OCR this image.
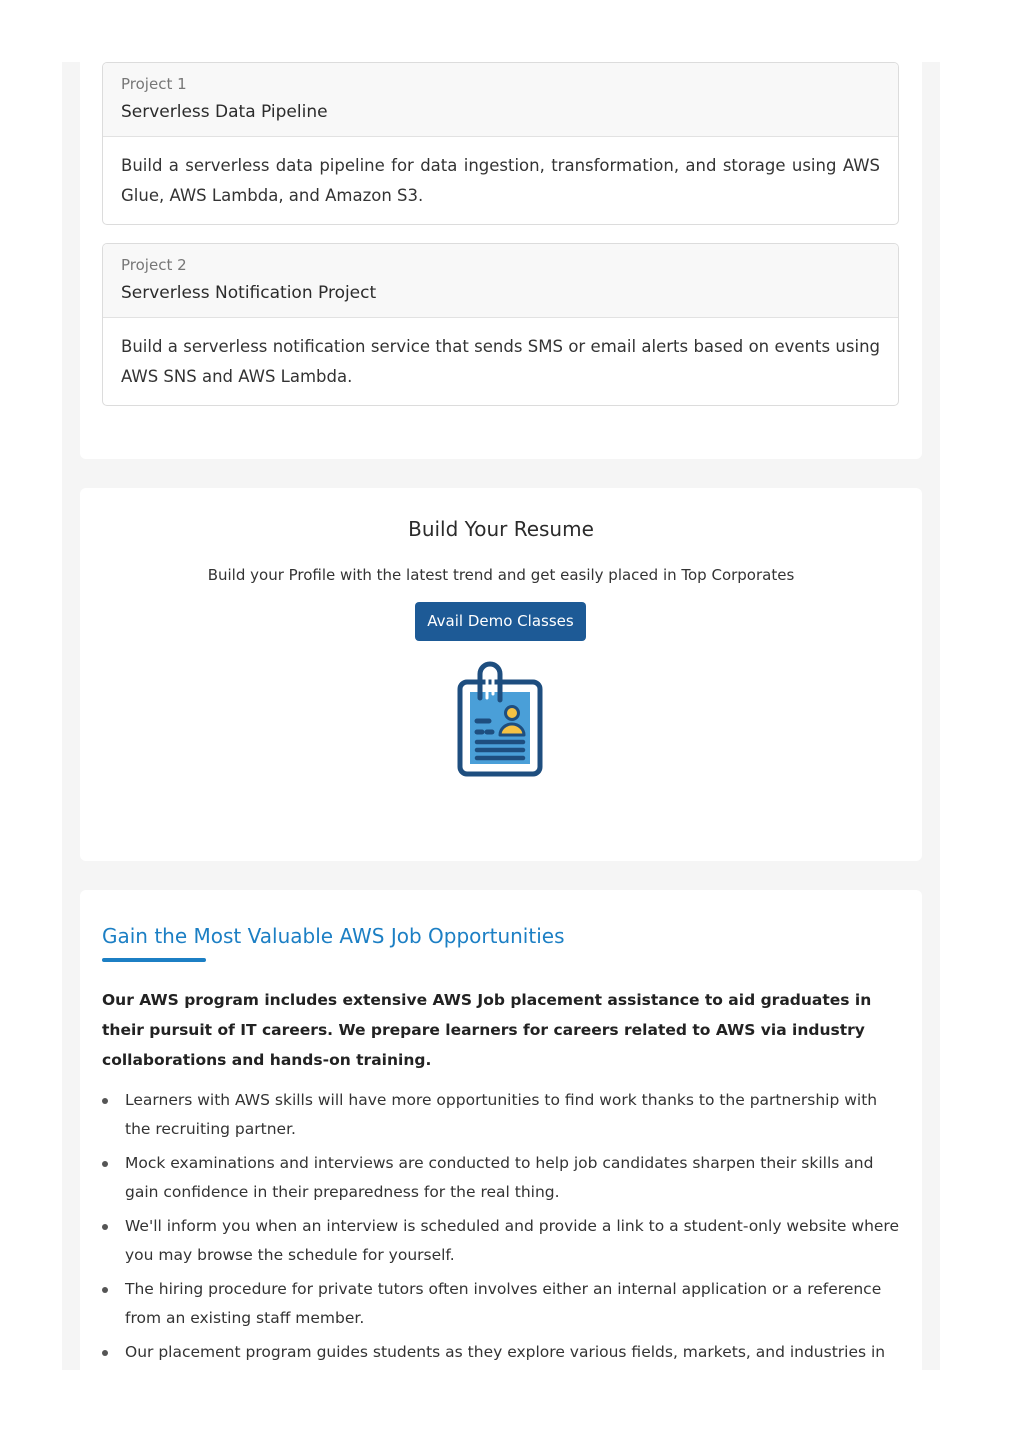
Project 1
Serverless Data Pipeline
Build a serverless data pipeline for data ingestion, transformation, and storage using AWS Glue, AWS Lambda, and Amazon S3.
Project 2
Serverless Notification Project
Build a serverless notification service that sends SMS or email alerts based on events using AWS SNS and AWS Lambda.
Build Your Resume

Build your Profile with the latest trend and get easily placed in Top Corporates

Avail Demo Classes
Gain the Most Valuable AWS Job Opportunities

Our AWS program includes extensive AWS Job placement assistance to aid graduates in their pursuit of IT careers. We prepare learners for careers related to AWS via industry collaborations and hands-on training.

Learners with AWS skills will have more opportunities to find work thanks to the partnership with the recruiting partner.
Mock examinations and interviews are conducted to help job candidates sharpen their skills and gain confidence in their preparedness for the real thing.
We'll inform you when an interview is scheduled and provide a link to a student-only website where you may browse the schedule for yourself.
The hiring procedure for private tutors often involves either an internal application or a reference from an existing staff member.
Our placement program guides students as they explore various fields, markets, and industries in
